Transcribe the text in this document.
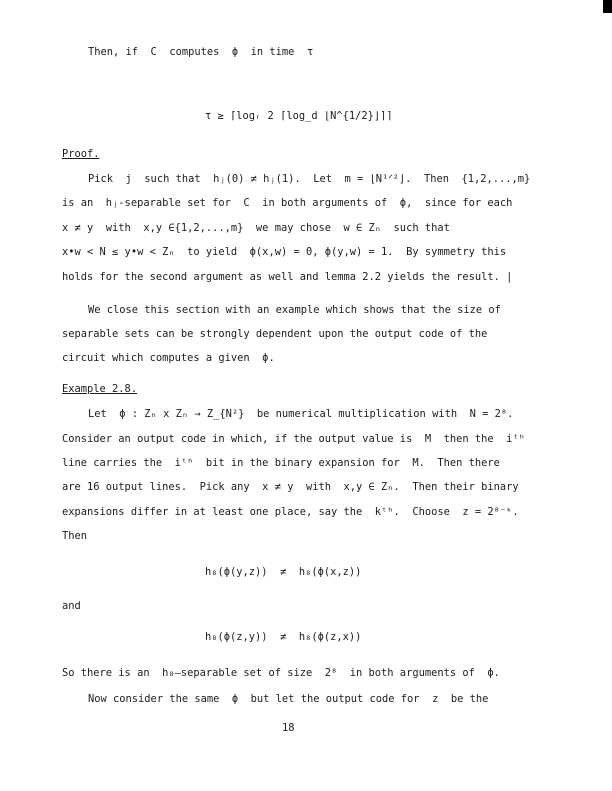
Then, if  C  computes  ϕ  in time  τ
τ ≥ ⌈logᵣ 2 ⌈log_d ⌊N^{1/2}⌋⌉⌉
Proof.
Pick  j  such that  hⱼ(0) ≠ hⱼ(1).  Let  m = ⌊N¹ᐟ²⌋.  Then  {1,2,...,m}
is an  hⱼ-separable set for  C  in both arguments of  ϕ,  since for each
x ≠ y  with  x,y ∈{1,2,...,m}  we may chose  w ∈ Zₙ  such that
x•w < N ≤ y•w < Zₙ  to yield  ϕ(x,w) = 0, ϕ(y,w) = 1.  By symmetry this
holds for the second argument as well and lemma 2.2 yields the result. |
We close this section with an example which shows that the size of
separable sets can be strongly dependent upon the output code of the
circuit which computes a given  ϕ.
Example 2.8.
Let  ϕ : Zₙ x Zₙ → Z_{N²}  be numerical multiplication with  N = 2⁸.
Consider an output code in which, if the output value is  M  then the  iᵗʰ
line carries the  iᵗʰ  bit in the binary expansion for  M.  Then there
are 16 output lines.  Pick any  x ≠ y  with  x,y ∈ Zₙ.  Then their binary
expansions differ in at least one place, say the  kᵗʰ.  Choose  z = 2⁸⁻ᵏ.
Then
h₈(ϕ(y,z))  ≠  h₈(ϕ(x,z))
and
h₈(ϕ(z,y))  ≠  h₈(ϕ(z,x))
So there is an  h₈—separable set of size  2⁸  in both arguments of  ϕ.
Now consider the same  ϕ  but let the output code for  z  be the
18
